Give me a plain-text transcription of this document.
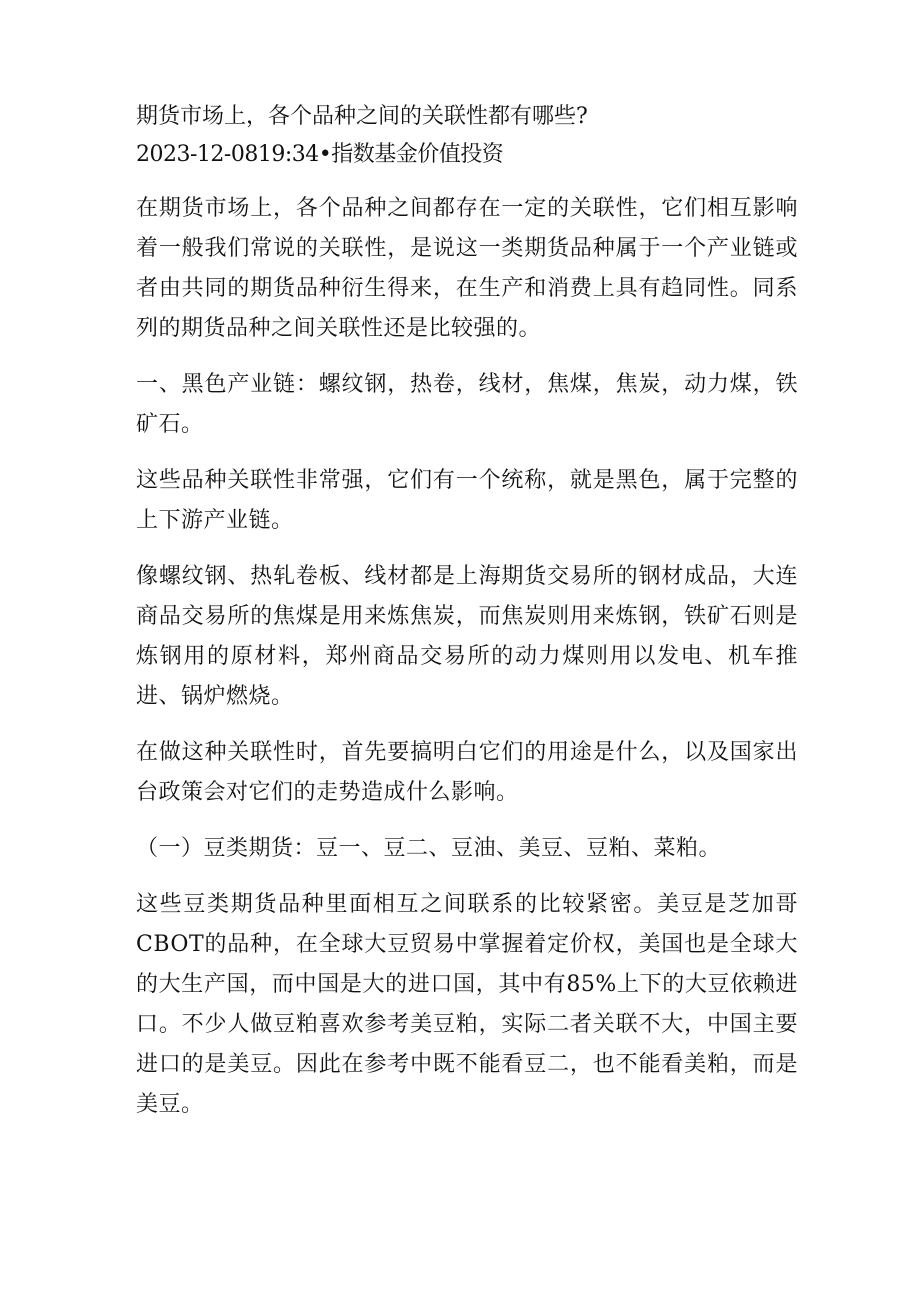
期货市场上，各个品种之间的关联性都有哪些?

2023-12-0819:34•指数基金价值投资

在期货市场上，各个品种之间都存在一定的关联性，它们相互影响着一般我们常说的关联性，是说这一类期货品种属于一个产业链或者由共同的期货品种衍生得来，在生产和消费上具有趋同性。同系列的期货品种之间关联性还是比较强的。

一、黑色产业链：螺纹钢，热卷，线材，焦煤，焦炭，动力煤，铁矿石。

这些品种关联性非常强，它们有一个统称，就是黑色，属于完整的上下游产业链。

像螺纹钢、热轧卷板、线材都是上海期货交易所的钢材成品，大连商品交易所的焦煤是用来炼焦炭，而焦炭则用来炼钢，铁矿石则是炼钢用的原材料，郑州商品交易所的动力煤则用以发电、机车推进、锅炉燃烧。

在做这种关联性时，首先要搞明白它们的用途是什么，以及国家出台政策会对它们的走势造成什么影响。

（一）豆类期货：豆一、豆二、豆油、美豆、豆粕、菜粕。

这些豆类期货品种里面相互之间联系的比较紧密。美豆是芝加哥CBOT的品种，在全球大豆贸易中掌握着定价权，美国也是全球大的大生产国，而中国是大的进口国，其中有85%上下的大豆依赖进口。不少人做豆粕喜欢参考美豆粕，实际二者关联不大，中国主要进口的是美豆。因此在参考中既不能看豆二，也不能看美粕，而是美豆。
